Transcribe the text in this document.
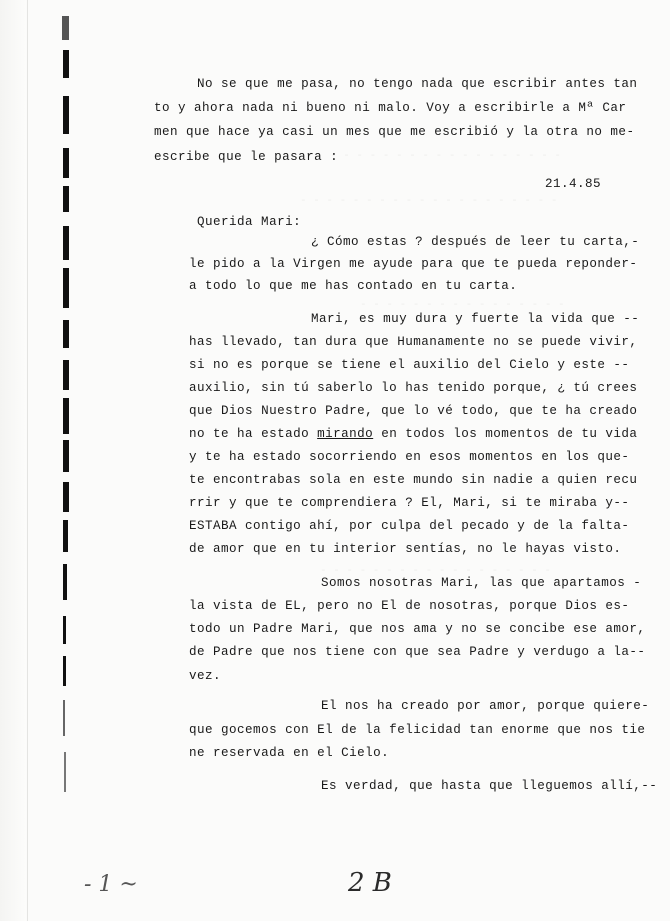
- - - - - - - - - - - - - - - - - -
- - - - - - - - - - - - - - - - - - - -
- - - - - - - - - - - - - - - -
- - - - - - - - - - - - - - - - - -
No se que me pasa, no tengo nada que escribir antes tan
to y ahora nada ni bueno ni malo. Voy a escribirle a Mª Car
men que hace ya casi un mes que me escribió y la otra no me-
escribe que le pasara :
21.4.85
Querida Mari:
¿ Cómo estas ? después de leer tu carta,-
le pido a la Virgen me ayude para que te pueda reponder-
a todo lo que me has contado en tu carta.
Mari, es muy dura y fuerte la vida que --
has llevado, tan dura que Humanamente no se puede vivir,
si no es porque se tiene el auxilio del Cielo y este --
auxilio, sin tú saberlo lo has tenido porque, ¿ tú crees
que Dios Nuestro Padre, que lo vé todo, que te ha creado
no te ha estado mirando en todos los momentos de tu vida
y te ha estado socorriendo en esos momentos en los que-
te encontrabas sola en este mundo sin nadie a quien recu
rrir y que te comprendiera ? El, Mari, si te miraba y--
ESTABA contigo ahí, por culpa del pecado y de la falta-
de amor que en tu interior sentías, no le hayas visto.
Somos nosotras Mari, las que apartamos -
la vista de EL, pero no El de nosotras, porque Dios es-
todo un Padre Mari, que nos ama y no se concibe ese amor,
de Padre que nos tiene con que sea Padre y verdugo a la--
vez.
El nos ha creado por amor, porque quiere-
que gocemos con El de la felicidad tan enorme que nos tie
ne reservada en el Cielo.
Es verdad, que hasta que lleguemos allí,--
- 1 ~	2 B
